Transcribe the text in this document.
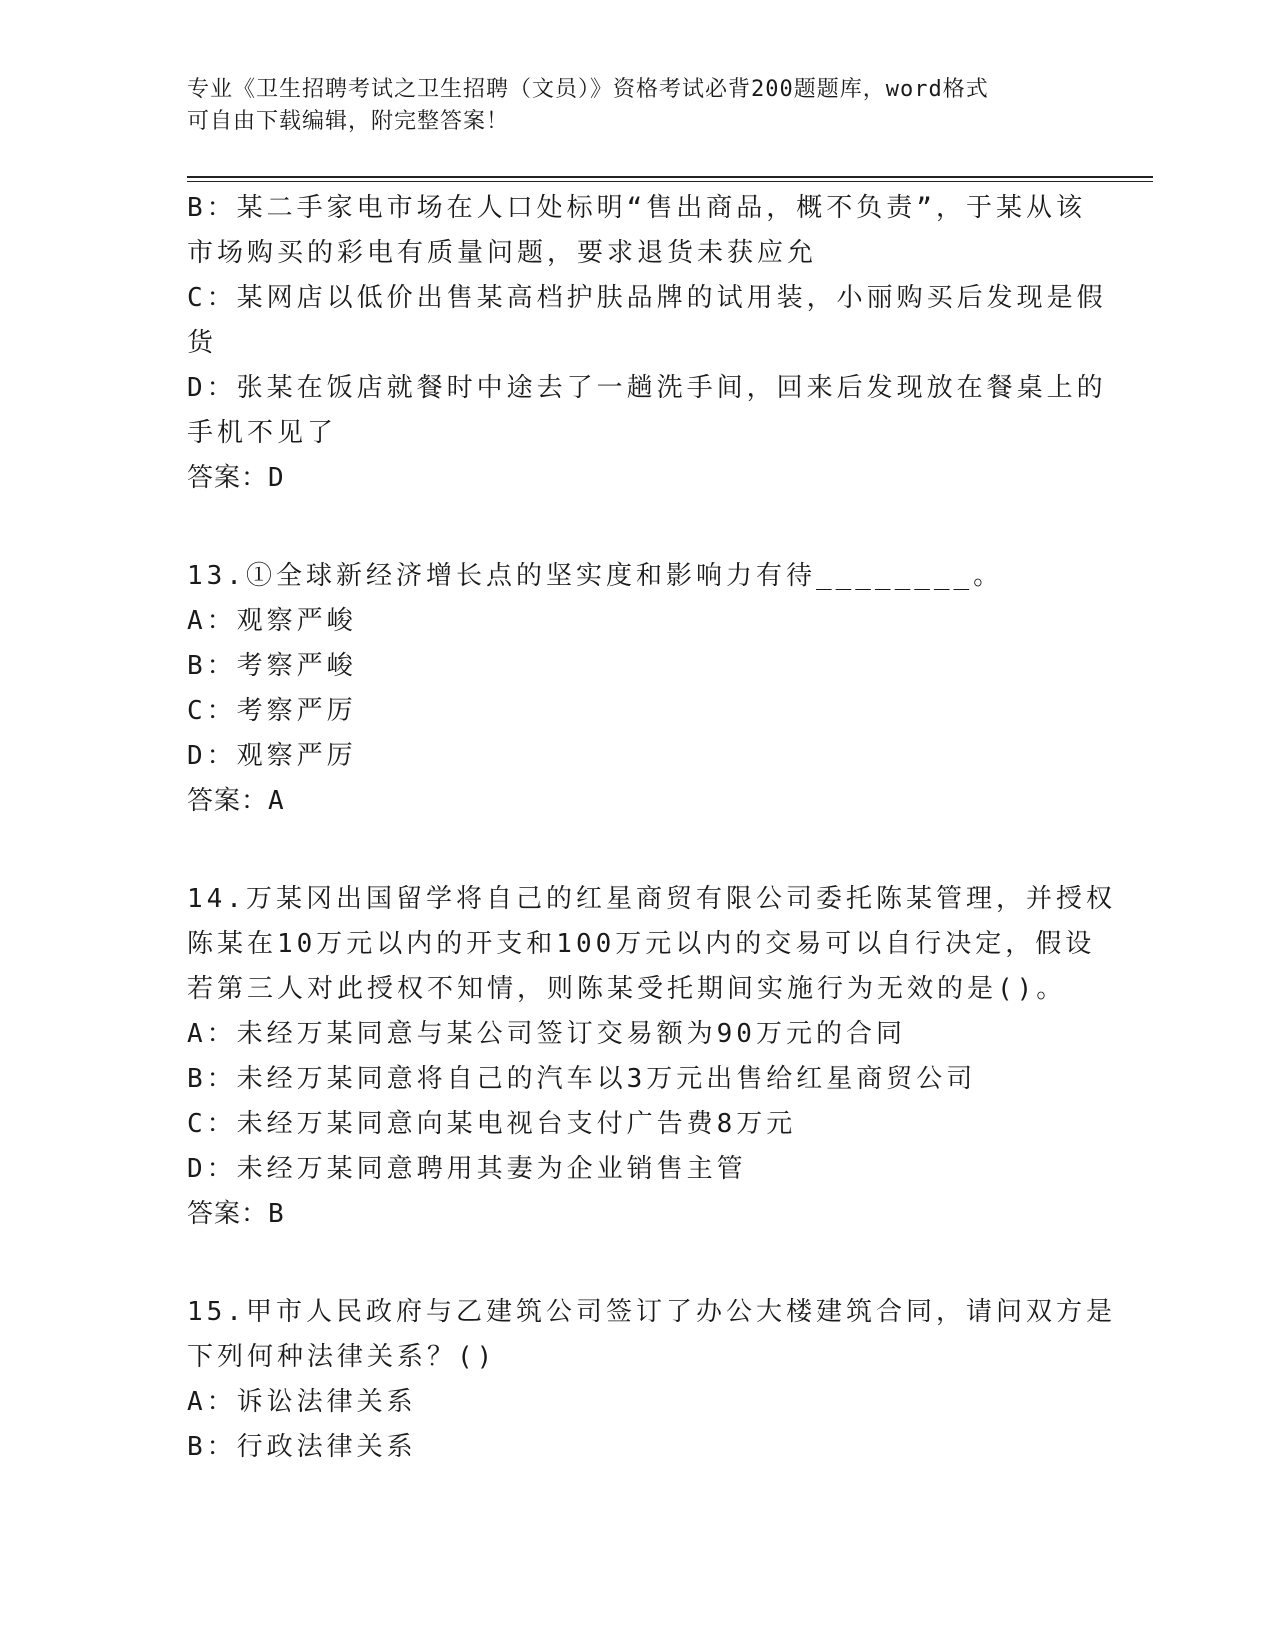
专业《卫生招聘考试之卫生招聘（文员）》资格考试必背200题题库，word格式
可自由下载编辑，附完整答案！
B：某二手家电市场在人口处标明“售出商品，概不负责”，于某从该
市场购买的彩电有质量问题，要求退货未获应允
C：某网店以低价出售某高档护肤品牌的试用装，小丽购买后发现是假
货
D：张某在饭店就餐时中途去了一趟洗手间，回来后发现放在餐桌上的
手机不见了
答案：D
13.①全球新经济增长点的坚实度和影响力有待________。
A：观察严峻
B：考察严峻
C：考察严厉
D：观察严厉
答案：A
14.万某冈出国留学将自己的红星商贸有限公司委托陈某管理，并授权
陈某在10万元以内的开支和100万元以内的交易可以自行决定，假设
若第三人对此授权不知情，则陈某受托期间实施行为无效的是()。
A：未经万某同意与某公司签订交易额为90万元的合同
B：未经万某同意将自己的汽车以3万元出售给红星商贸公司
C：未经万某同意向某电视台支付广告费8万元
D：未经万某同意聘用其妻为企业销售主管
答案：B
15.甲市人民政府与乙建筑公司签订了办公大楼建筑合同，请问双方是
下列何种法律关系？()
A：诉讼法律关系
B：行政法律关系
